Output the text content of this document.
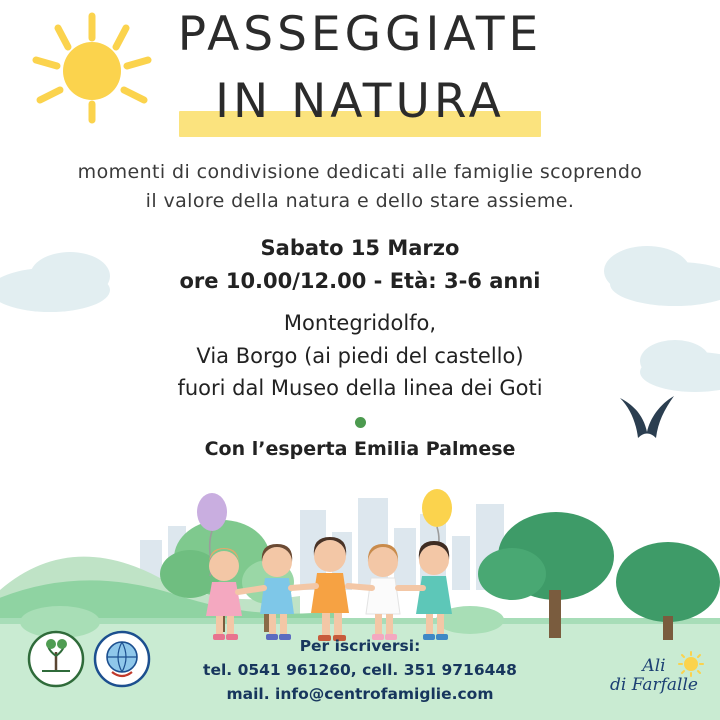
PASSEGGIATE
IN NATURA
momenti di condivisione dedicati alle famiglie scoprendo
il valore della natura e dello stare assieme.
Sabato 15 Marzo
ore 10.00/12.00 - Età: 3-6 anni
Montegridolfo,
Via Borgo (ai piedi del castello)
fuori dal Museo della linea dei Goti
Con l’esperta Emilia Palmese
Per iscriversi:
tel. 0541 961260, cell. 351 9716448
mail. info@centrofamiglie.com
Ali
di Farfalle
